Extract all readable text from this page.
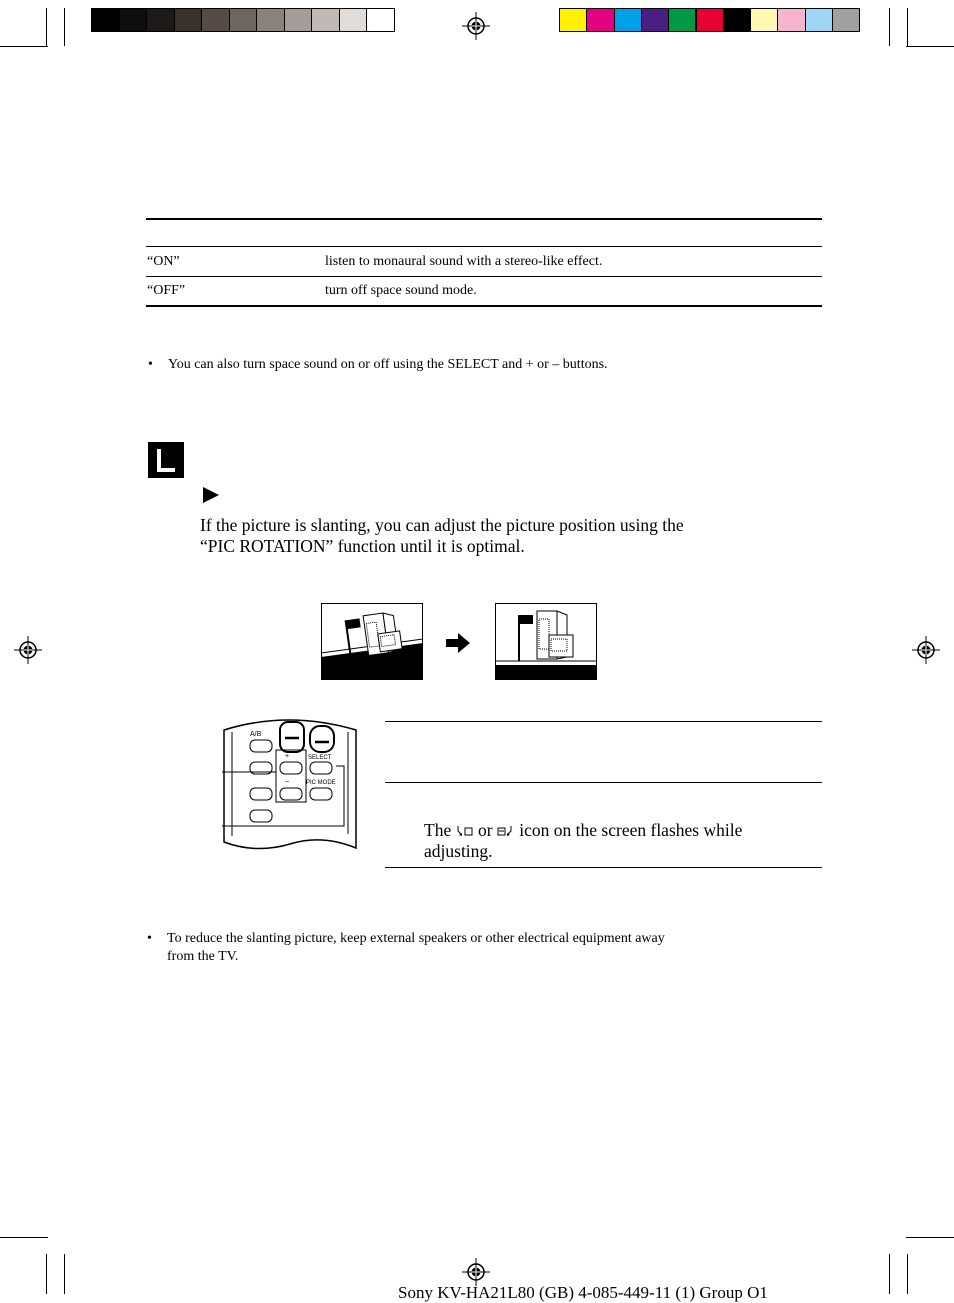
“ON”	listen to monaural sound with a stereo-like effect.
“OFF”	turn off space sound mode.
• You can also turn space sound on or off using the SELECT and + or – buttons.
If the picture is slanting, you can adjust the picture position using the
“PIC ROTATION” function until it is optimal.
A/B
+	SELECT
–	PIC MODE
The or icon on the screen flashes while
adjusting.
• To reduce the slanting picture, keep external speakers or other electrical equipment away
from the TV.
Sony KV-HA21L80 (GB) 4-085-449-11 (1) Group O1
